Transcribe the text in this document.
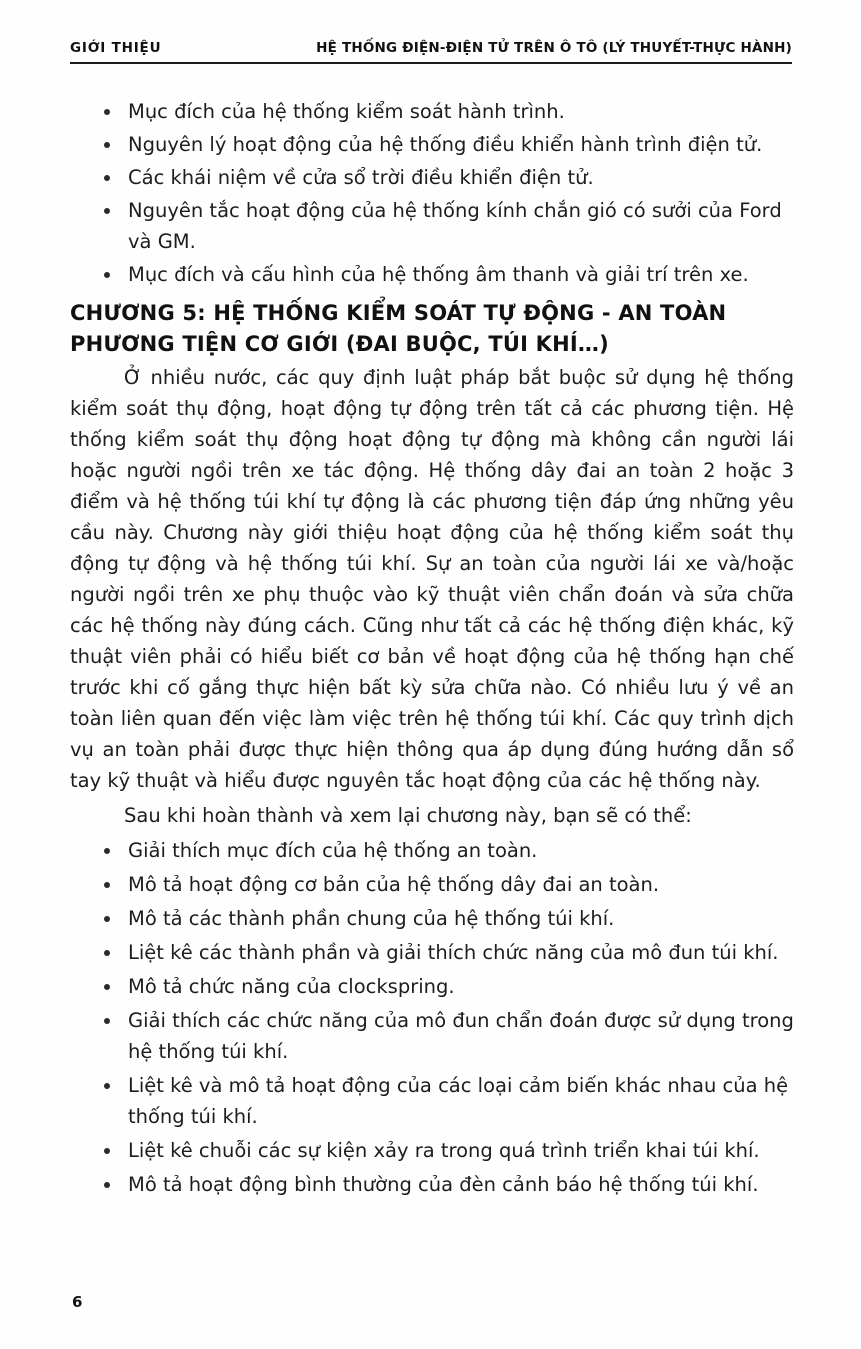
GIỚI THIỆU	HỆ THỐNG ĐIỆN-ĐIỆN TỬ TRÊN Ô TÔ (LÝ THUYẾT-THỰC HÀNH)
Mục đích của hệ thống kiểm soát hành trình.
Nguyên lý hoạt động của hệ thống điều khiển hành trình điện tử.
Các khái niệm về cửa sổ trời điều khiển điện tử.
Nguyên tắc hoạt động của hệ thống kính chắn gió có sưởi của Ford và GM.
Mục đích và cấu hình của hệ thống âm thanh và giải trí trên xe.
CHƯƠNG 5: HỆ THỐNG KIỂM SOÁT TỰ ĐỘNG - AN TOÀN PHƯƠNG TIỆN CƠ GIỚI (ĐAI BUỘC, TÚI KHÍ…)

Ở nhiều nước, các quy định luật pháp bắt buộc sử dụng hệ thống kiểm soát thụ động, hoạt động tự động trên tất cả các phương tiện. Hệ thống kiểm soát thụ động hoạt động tự động mà không cần người lái hoặc người ngồi trên xe tác động. Hệ thống dây đai an toàn 2 hoặc 3 điểm và hệ thống túi khí tự động là các phương tiện đáp ứng những yêu cầu này. Chương này giới thiệu hoạt động của hệ thống kiểm soát thụ động tự động và hệ thống túi khí. Sự an toàn của người lái xe và/hoặc người ngồi trên xe phụ thuộc vào kỹ thuật viên chẩn đoán và sửa chữa các hệ thống này đúng cách. Cũng như tất cả các hệ thống điện khác, kỹ thuật viên phải có hiểu biết cơ bản về hoạt động của hệ thống hạn chế trước khi cố gắng thực hiện bất kỳ sửa chữa nào. Có nhiều lưu ý về an toàn liên quan đến việc làm việc trên hệ thống túi khí. Các quy trình dịch vụ an toàn phải được thực hiện thông qua áp dụng đúng hướng dẫn sổ tay kỹ thuật và hiểu được nguyên tắc hoạt động của các hệ thống này.

Sau khi hoàn thành và xem lại chương này, bạn sẽ có thể:

Giải thích mục đích của hệ thống an toàn.
Mô tả hoạt động cơ bản của hệ thống dây đai an toàn.
Mô tả các thành phần chung của hệ thống túi khí.
Liệt kê các thành phần và giải thích chức năng của mô đun túi khí.
Mô tả chức năng của clockspring.
Giải thích các chức năng của mô đun chẩn đoán được sử dụng trong hệ thống túi khí.
Liệt kê và mô tả hoạt động của các loại cảm biến khác nhau của hệ thống túi khí.
Liệt kê chuỗi các sự kiện xảy ra trong quá trình triển khai túi khí.
Mô tả hoạt động bình thường của đèn cảnh báo hệ thống túi khí.
6
